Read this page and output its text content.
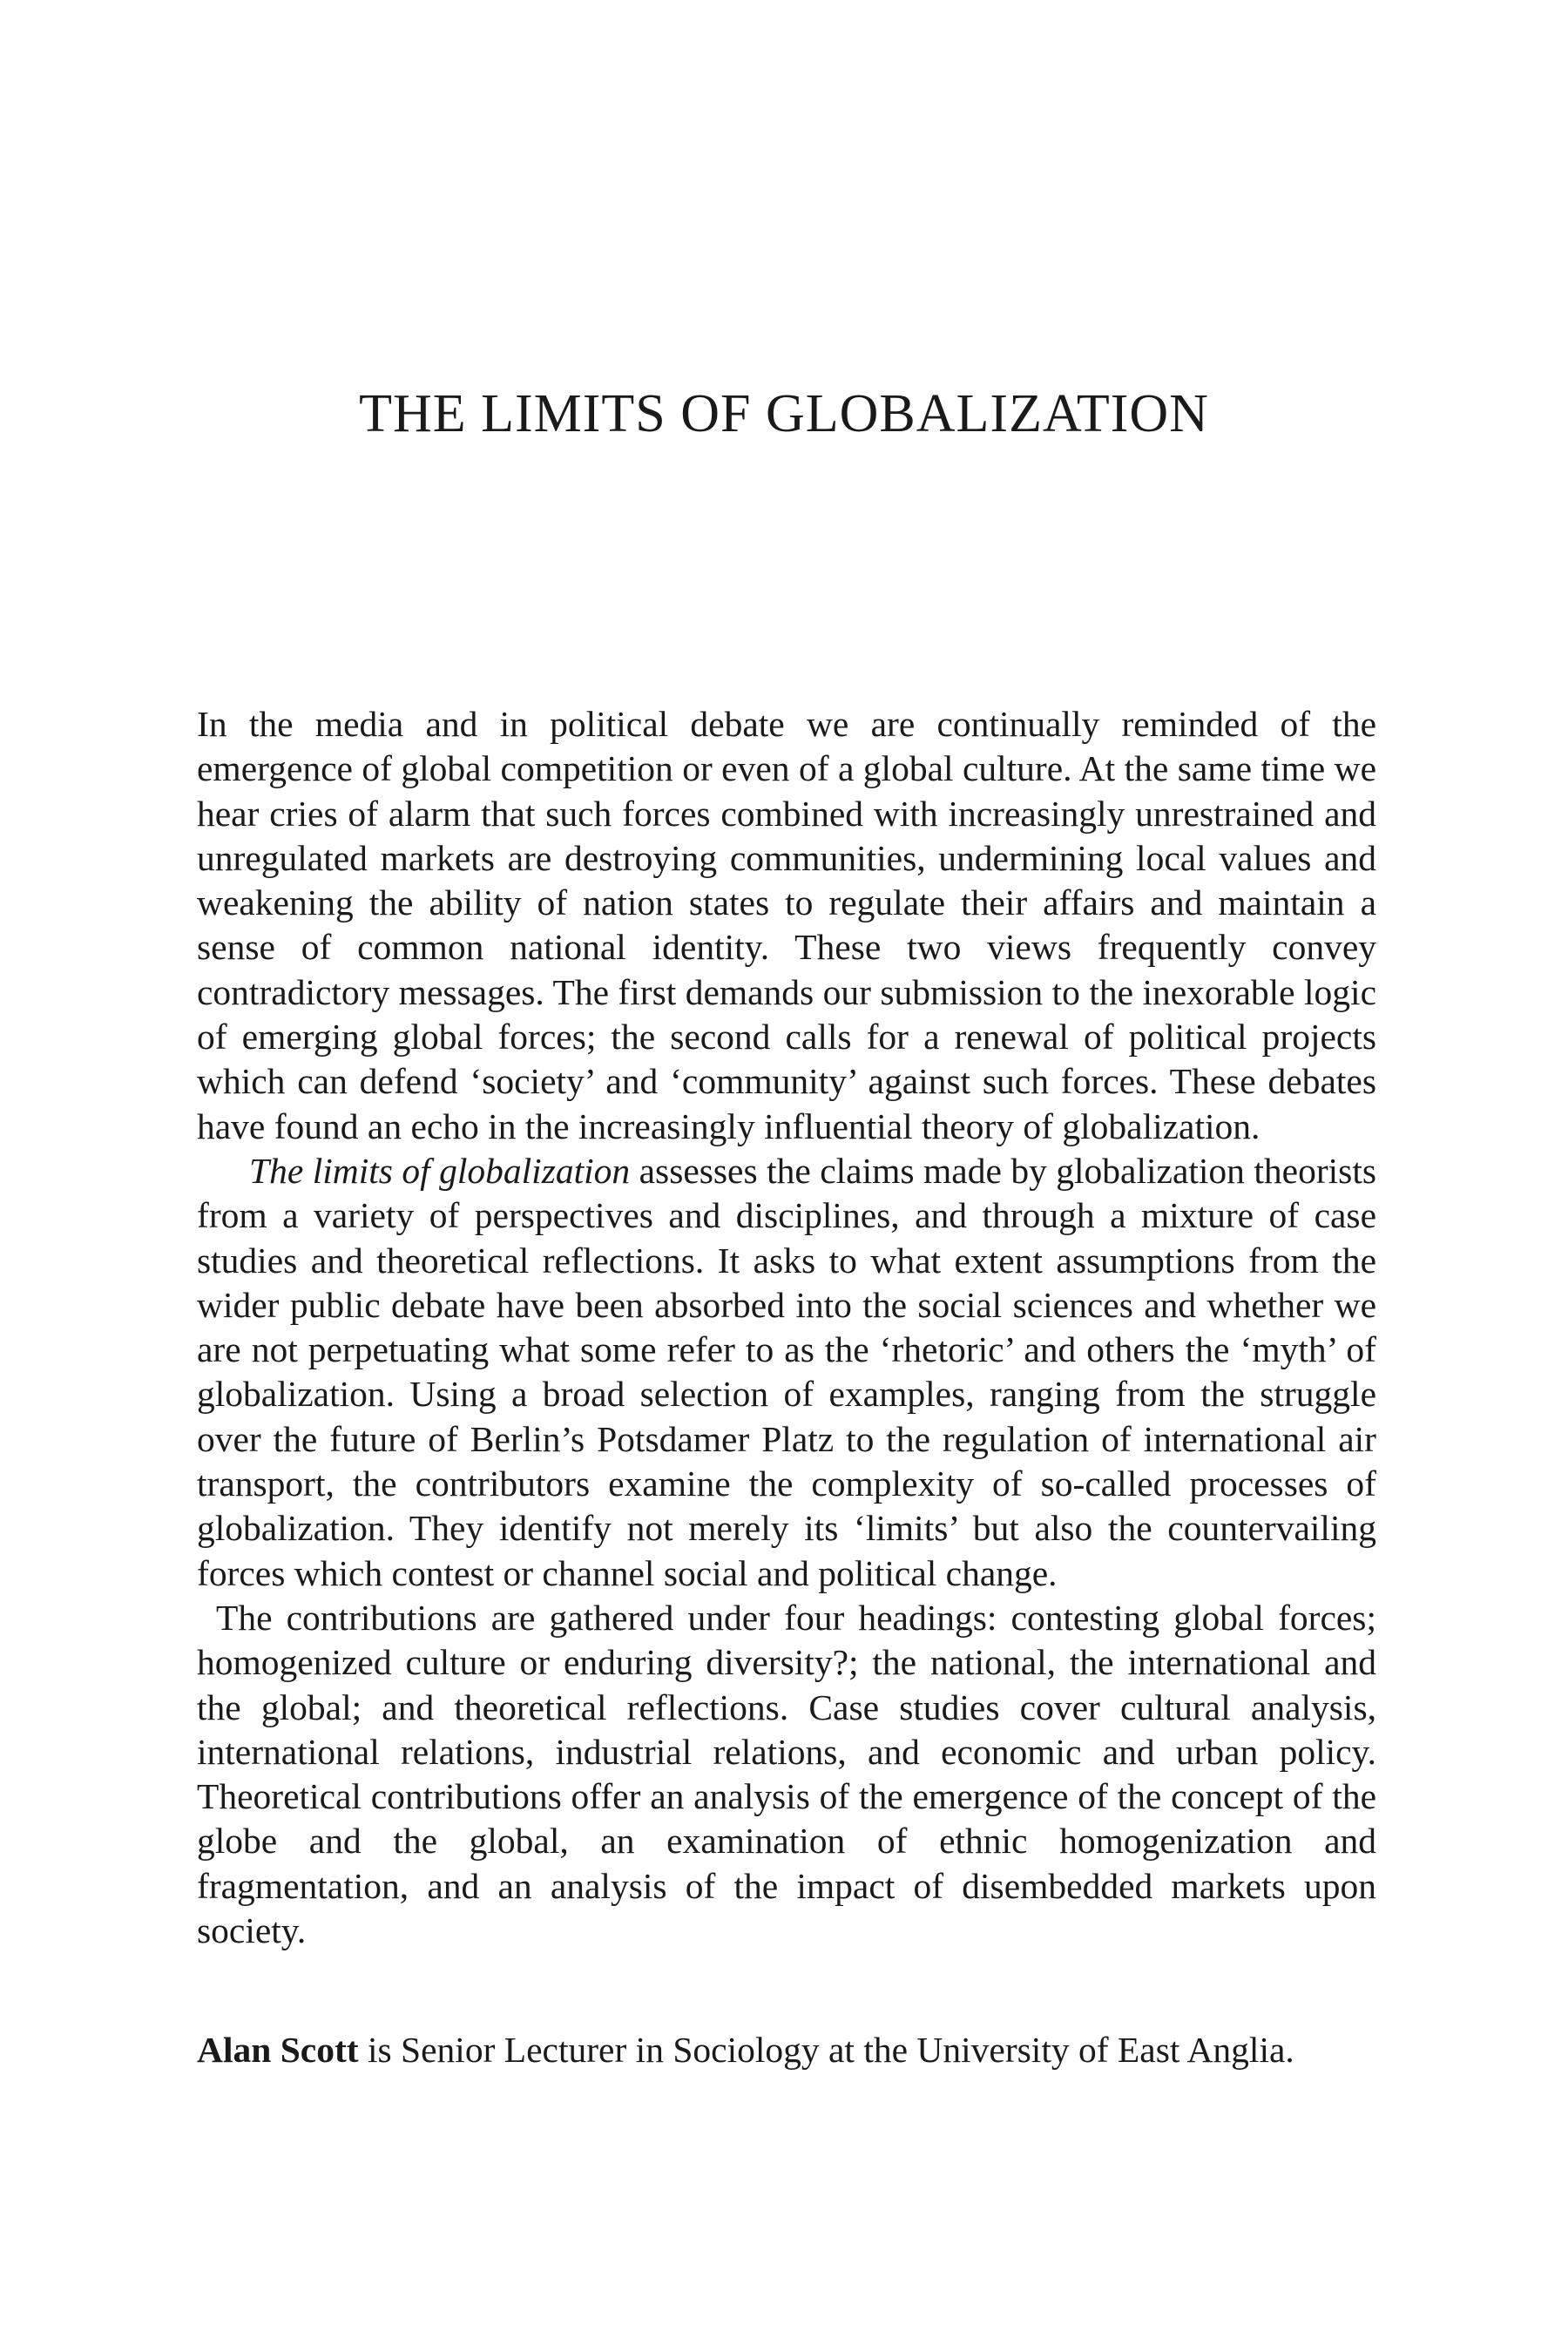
THE LIMITS OF GLOBALIZATION

In the media and in political debate we are continually reminded of the emergence of global competition or even of a global culture. At the same time we hear cries of alarm that such forces combined with increasingly unrestrained and unregulated markets are destroying communities, undermining local values and weakening the ability of nation states to regulate their affairs and maintain a sense of common national identity. These two views frequently convey contradictory messages. The first demands our submission to the inexorable logic of emerging global forces; the second calls for a renewal of political projects which can defend ‘society’ and ‘community’ against such forces. These debates have found an echo in the increasingly influential theory of globalization.

The limits of globalization assesses the claims made by globalization theorists from a variety of perspectives and disciplines, and through a mixture of case studies and theoretical reflections. It asks to what extent assumptions from the wider public debate have been absorbed into the social sciences and whether we are not perpetuating what some refer to as the ‘rhetoric’ and others the ‘myth’ of globalization. Using a broad selection of examples, ranging from the struggle over the future of Berlin’s Potsdamer Platz to the regulation of international air transport, the contributors examine the complexity of so-called processes of globalization. They identify not merely its ‘limits’ but also the countervailing forces which contest or channel social and political change.

The contributions are gathered under four headings: contesting global forces; homogenized culture or enduring diversity?; the national, the international and the global; and theoretical reflections. Case studies cover cultural analysis, international relations, industrial relations, and economic and urban policy. Theoretical contributions offer an analysis of the emergence of the concept of the globe and the global, an examination of ethnic homogenization and fragmentation, and an analysis of the impact of disembedded markets upon society.

Alan Scott is Senior Lecturer in Sociology at the University of East Anglia.
